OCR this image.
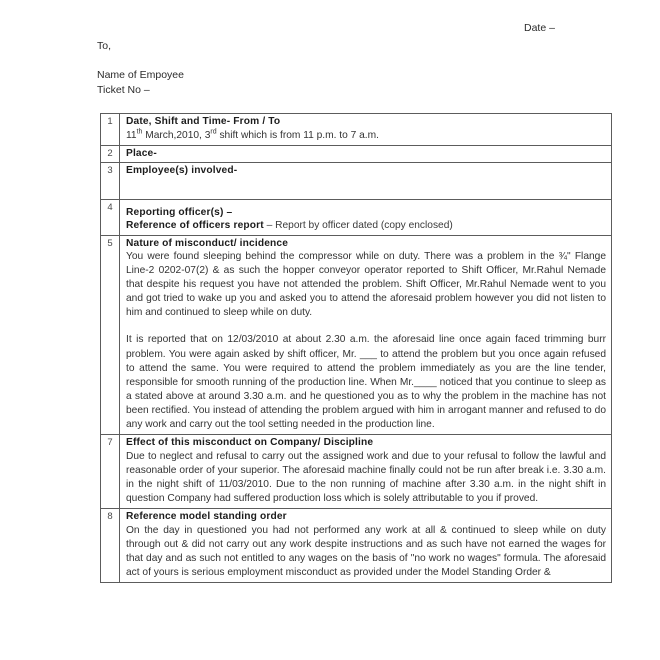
Date –
To,
Name of Empoyee
Ticket No –
1	Date, Shift and Time- From / To
11th March,2010, 3rd shift which is from 11 p.m. to 7 a.m.

2	Place-

3	Employee(s) involved-

4	Reporting officer(s) –
Reference of officers report – Report by officer dated (copy enclosed)

5	Nature of misconduct/ incidence

You were found sleeping behind the compressor while on duty. There was a problem in the ¾" Flange Line-2 0202-07(2) & as such the hopper conveyor operator reported to Shift Officer, Mr.Rahul Nemade that despite his request you have not attended the problem. Shift Officer, Mr.Rahul Nemade went to you and got tried to wake up you and asked you to attend the aforesaid problem however you did not listen to him and continued to sleep while on duty.

It is reported that on 12/03/2010 at about 2.30 a.m. the aforesaid line once again faced trimming burr problem. You were again asked by shift officer, Mr. ___ to attend the problem but you once again refused to attend the same. You were required to attend the problem immediately as you are the line tender, responsible for smooth running of the production line. When Mr.____ noticed that you continue to sleep as a stated above at around 3.30 a.m. and he questioned you as to why the problem in the machine has not been rectified. You instead of attending the problem argued with him in arrogant manner and refused to do any work and carry out the tool setting needed in the production line.

7	Effect of this misconduct on Company/ Discipline

Due to neglect and refusal to carry out the assigned work and due to your refusal to follow the lawful and reasonable order of your superior. The aforesaid machine finally could not be run after break i.e. 3.30 a.m. in the night shift of 11/03/2010. Due to the non running of machine after 3.30 a.m. in the night shift in question Company had suffered production loss which is solely attributable to you if proved.

8	Reference model standing order

On the day in questioned you had not performed any work at all & continued to sleep while on duty through out & did not carry out any work despite instructions and as such have not earned the wages for that day and as such not entitled to any wages on the basis of "no work no wages" formula. The aforesaid act of yours is serious employment misconduct as provided under the Model Standing Order &
